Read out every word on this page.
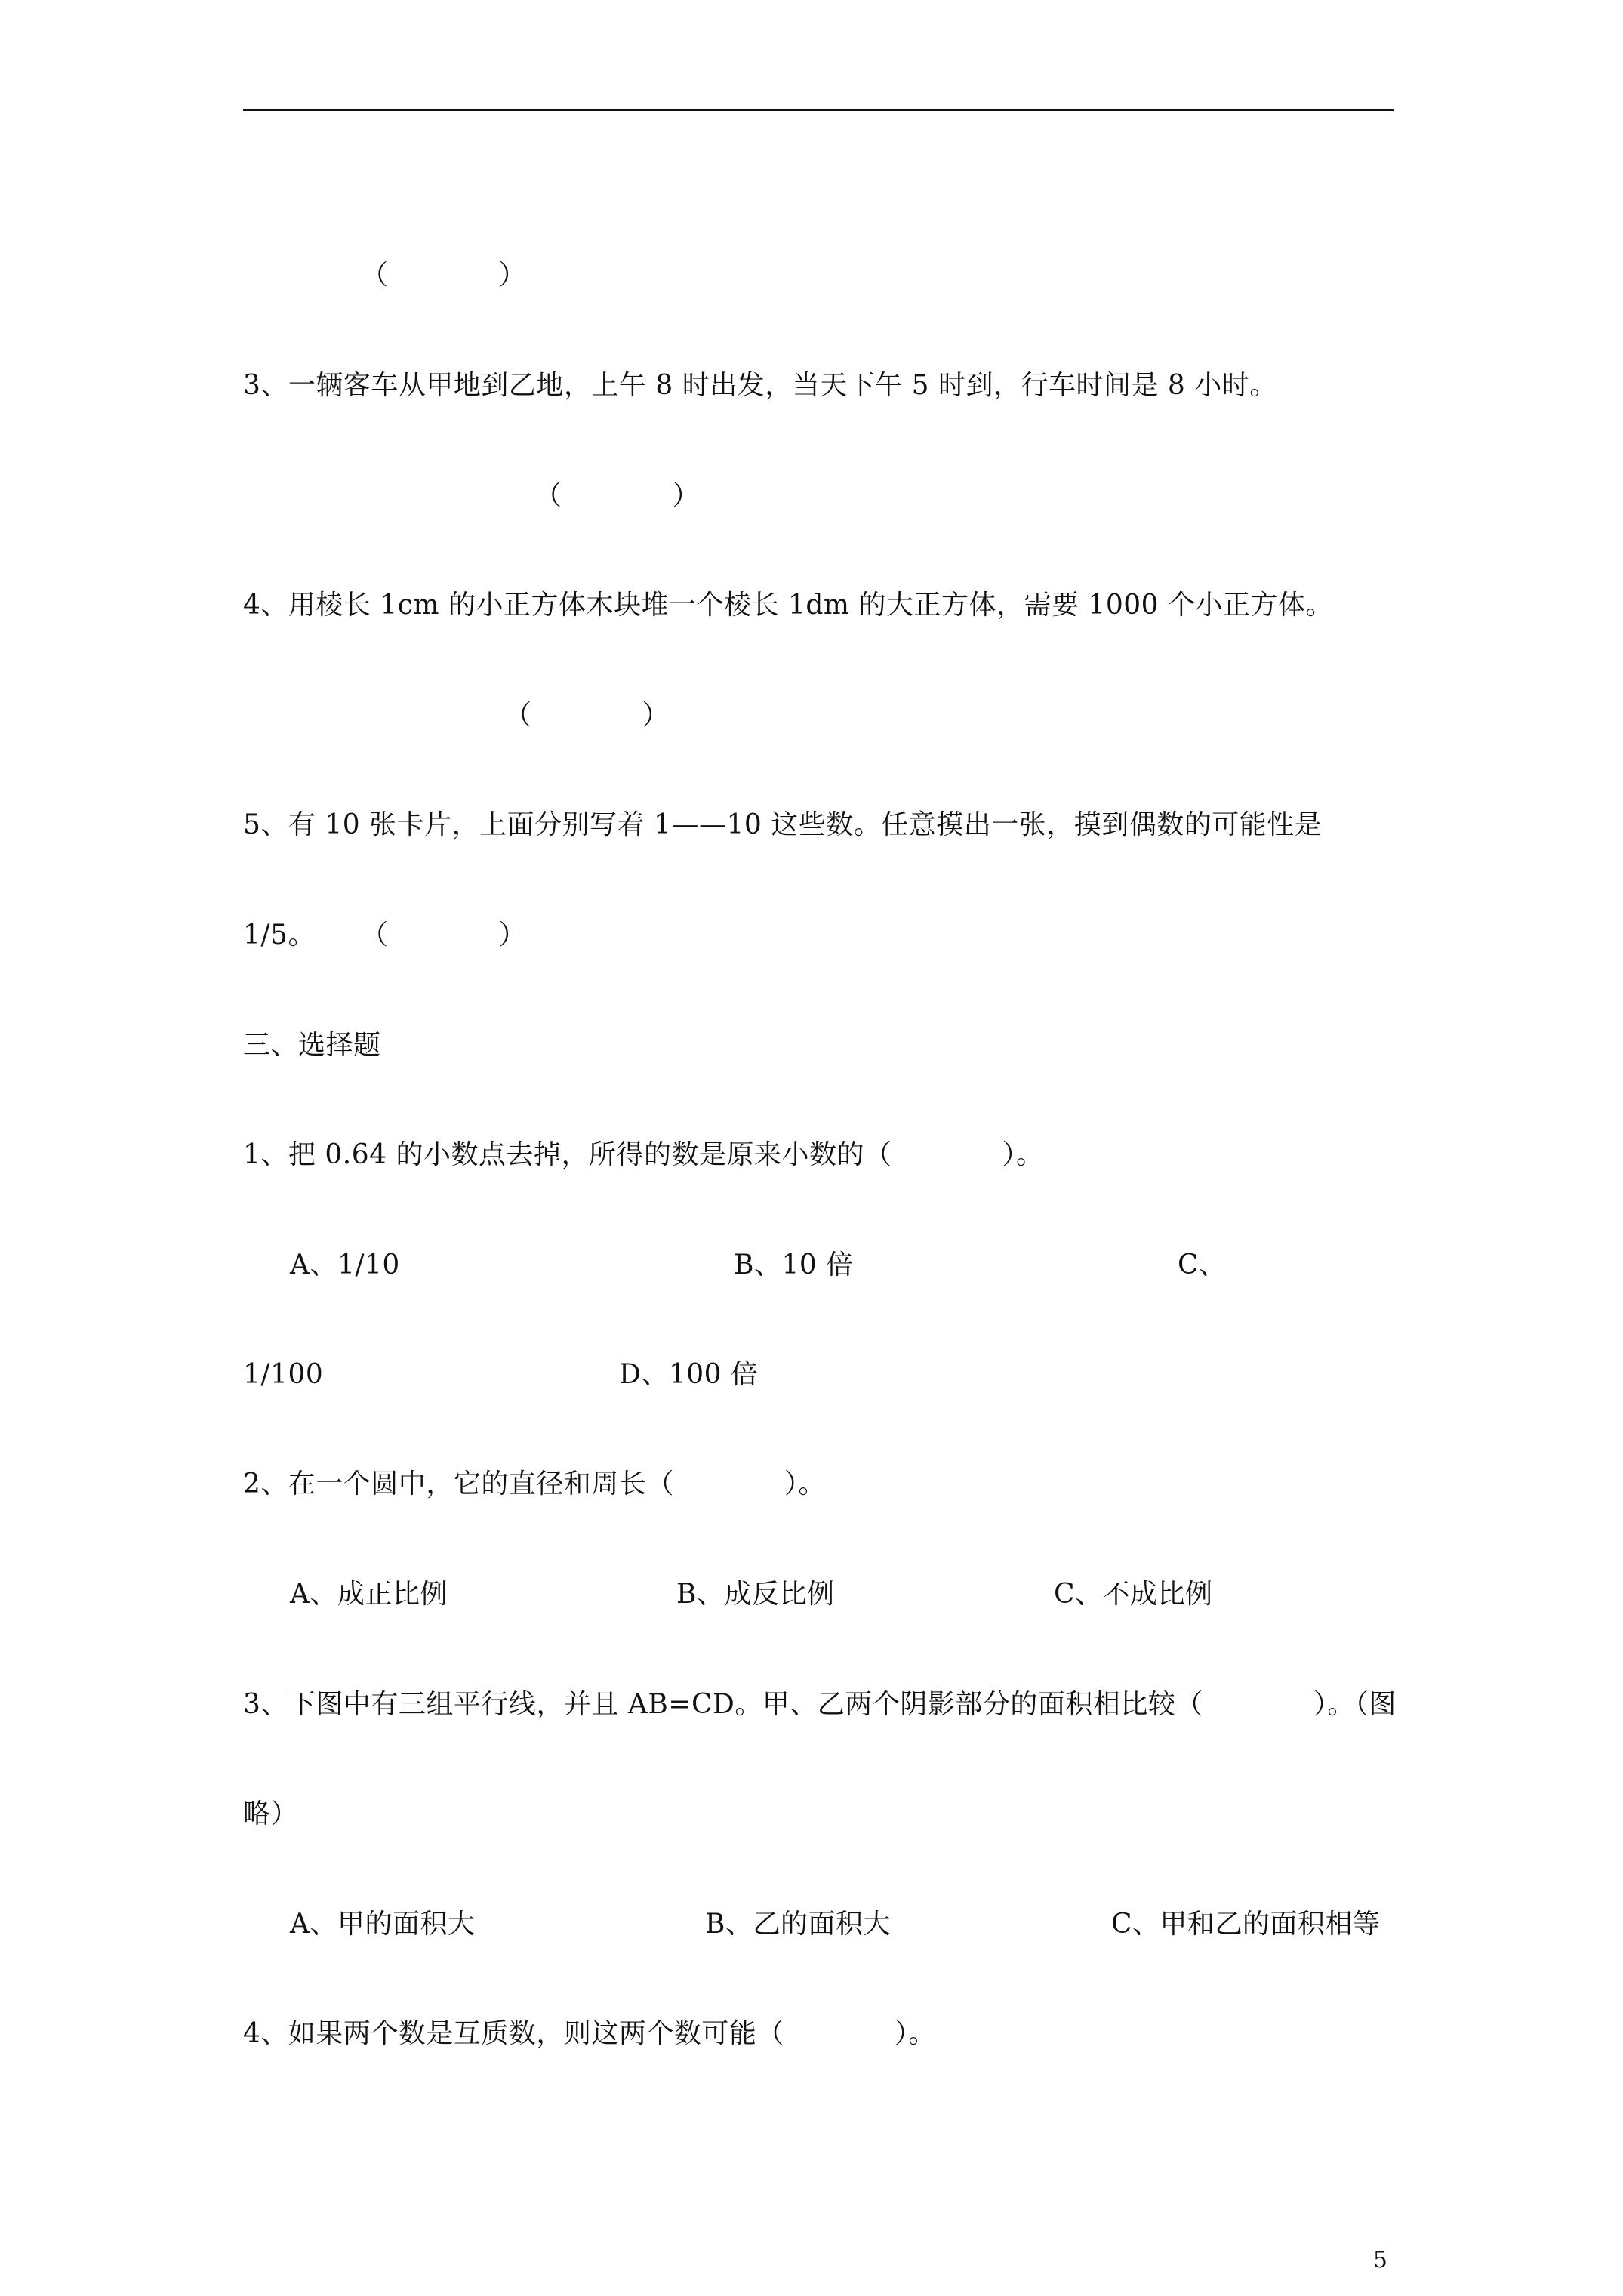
（　　　　）
3、一辆客车从甲地到乙地，上午 8 时出发，当天下午 5 时到，行车时间是 8 小时。
（　　　　）
4、用棱长 1cm 的小正方体木块堆一个棱长 1dm 的大正方体，需要 1000 个小正方体。
（　　　　）
5、有 10 张卡片，上面分别写着 1——10 这些数。任意摸出一张，摸到偶数的可能性是
1/5。 （　　　　）
三、选择题
1、把 0.64 的小数点去掉，所得的数是原来小数的（　　　　）。
A、1/10	B、10 倍	C、
1/100	D、100 倍
2、在一个圆中，它的直径和周长（　　　　）。
A、成正比例	B、成反比例	C、不成比例
3、下图中有三组平行线，并且 AB=CD。甲、乙两个阴影部分的面积相比较（　　　　）。（图
略）
A、甲的面积大	B、乙的面积大	C、甲和乙的面积相等
4、如果两个数是互质数，则这两个数可能（　　　　）。
5
